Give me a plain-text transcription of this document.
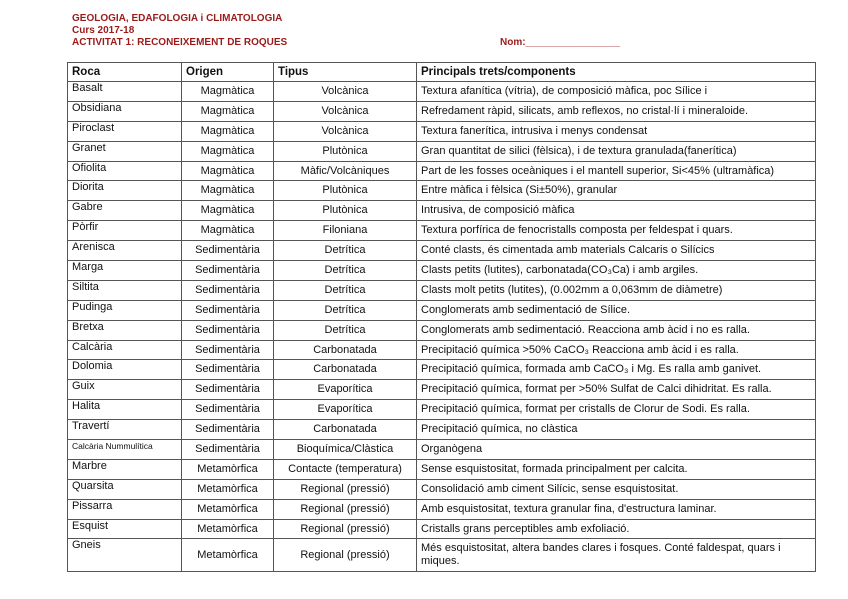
GEOLOGIA, EDAFOLOGIA i CLIMATOLOGIA
Curs 2017-18
ACTIVITAT 1: RECONEIXEMENT DE ROQUES	Nom:_________________
Roca	Origen	Tipus	Principals trets/components
Basalt	Magmàtica	Volcànica	Textura afanítica (vítria), de composició màfica, poc Sílice i
Obsidiana	Magmàtica	Volcànica	Refredament ràpid, silicats, amb reflexos, no cristal·lí i mineraloide.
Piroclast	Magmàtica	Volcànica	Textura fanerítica, intrusiva i menys condensat
Granet	Magmàtica	Plutònica	Gran quantitat de silici (fèlsica), i de textura granulada(fanerítica)
Ofiolita	Magmàtica	Màfic/Volcàniques	Part de les fosses oceàniques i el mantell superior, Si<45% (ultramàfica)
Diorita	Magmàtica	Plutònica	Entre màfica i fèlsica (Si±50%), granular
Gabre	Magmàtica	Plutònica	Intrusiva, de composició màfica
Pòrfir	Magmàtica	Filoniana	Textura porfírica de fenocristalls composta per feldespat i quars.
Arenisca	Sedimentària	Detrítica	Conté clasts, és cimentada amb materials Calcaris o Silícics
Marga	Sedimentària	Detrítica	Clasts petits (lutites), carbonatada(CO₃Ca) i amb argiles.
Siltita	Sedimentària	Detrítica	Clasts molt petits (lutites), (0.002mm a 0,063mm de diàmetre)
Pudinga	Sedimentària	Detrítica	Conglomerats amb sedimentació de Sílice.
Bretxa	Sedimentària	Detrítica	Conglomerats amb sedimentació. Reacciona amb àcid i no es ralla.
Calcària	Sedimentària	Carbonatada	Precipitació química >50% CaCO₃ Reacciona amb àcid i es ralla.
Dolomia	Sedimentària	Carbonatada	Precipitació química, formada amb CaCO₃ i Mg. Es ralla amb ganivet.
Guix	Sedimentària	Evaporítica	Precipitació química, format per >50% Sulfat de Calci dihidritat. Es ralla.
Halita	Sedimentària	Evaporítica	Precipitació química, format per cristalls de Clorur de Sodi. Es ralla.
Travertí	Sedimentària	Carbonatada	Precipitació química, no clàstica
Calcària Nummulítica	Sedimentària	Bioquímica/Clàstica	Organògena
Marbre	Metamòrfica	Contacte (temperatura)	Sense esquistositat, formada principalment per calcita.
Quarsita	Metamòrfica	Regional (pressió)	Consolidació amb ciment Silícic, sense esquistositat.
Pissarra	Metamòrfica	Regional (pressió)	Amb esquistositat, textura granular fina, d'estructura laminar.
Esquist	Metamòrfica	Regional (pressió)	Cristalls grans perceptibles amb exfoliació.
Gneis	Metamòrfica	Regional (pressió)	Més esquistositat, altera bandes clares i fosques. Conté faldespat, quars i miques.
